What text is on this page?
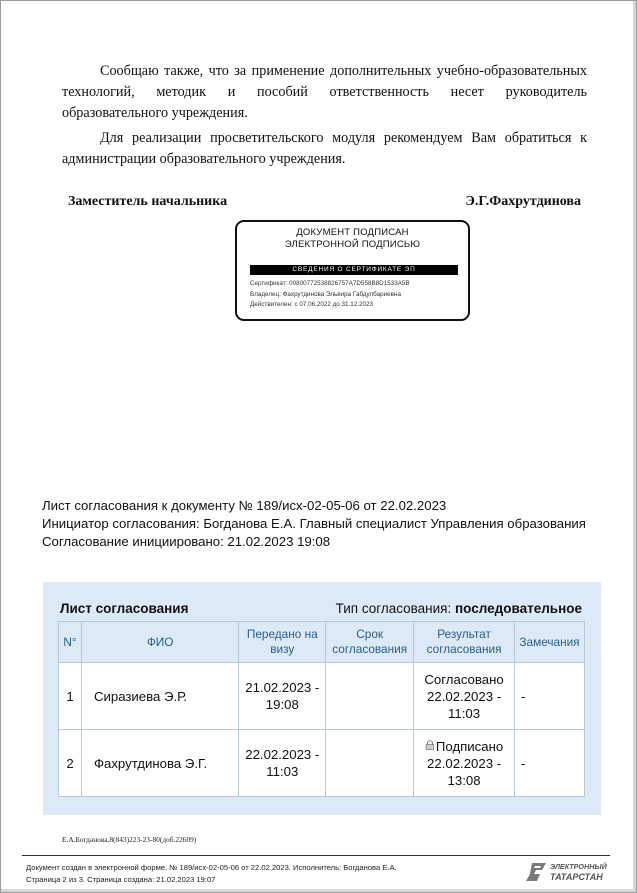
Сообщаю также, что за применение дополнительных учебно-образовательных технологий, методик и пособий ответственность несет руководитель образовательного учреждения.

Для реализации просветительского модуля рекомендуем Вам обратиться к администрации образовательного учреждения.

Заместитель начальника	Э.Г.Фахрутдинова
ДОКУМЕНТ ПОДПИСАН
ЭЛЕКТРОННОЙ ПОДПИСЬЮ
СВЕДЕНИЯ О СЕРТИФИКАТЕ ЭП
Сертификат: 00800772538826757A7D558В8D1533А5В
Владелец: Фахрутдинова Эльвира Габдулбариевна
Действителен: с 07.06.2022 до 31.12.2023
Лист согласования к документу № 189/исх-02-05-06 от 22.02.2023
Инициатор согласования: Богданова Е.А. Главный специалист Управления образования
Согласование инициировано: 21.02.2023 19:08
Лист согласования	Тип согласования: последовательное
N°	ФИО	Передано на визу	Срок согласования	Результат согласования	Замечания
1	Сиразиева Э.Р.	21.02.2023 - 19:08		Согласовано 22.02.2023 - 11:03	-
2	Фахрутдинова Э.Г.	22.02.2023 - 11:03		Подписано 22.02.2023 - 13:08	-
Е.А.Богданова,8(843)223-23-80(доб.22609)
Документ создан в электронной форме. № 189/исх-02-05-06 от 22.02.2023. Исполнитель: Богданова Е.А.
Страница 2 из 3. Страница создана: 21.02.2023 19:07
ЭЛЕКТРОННЫЙ
ТАТАРСТАН
